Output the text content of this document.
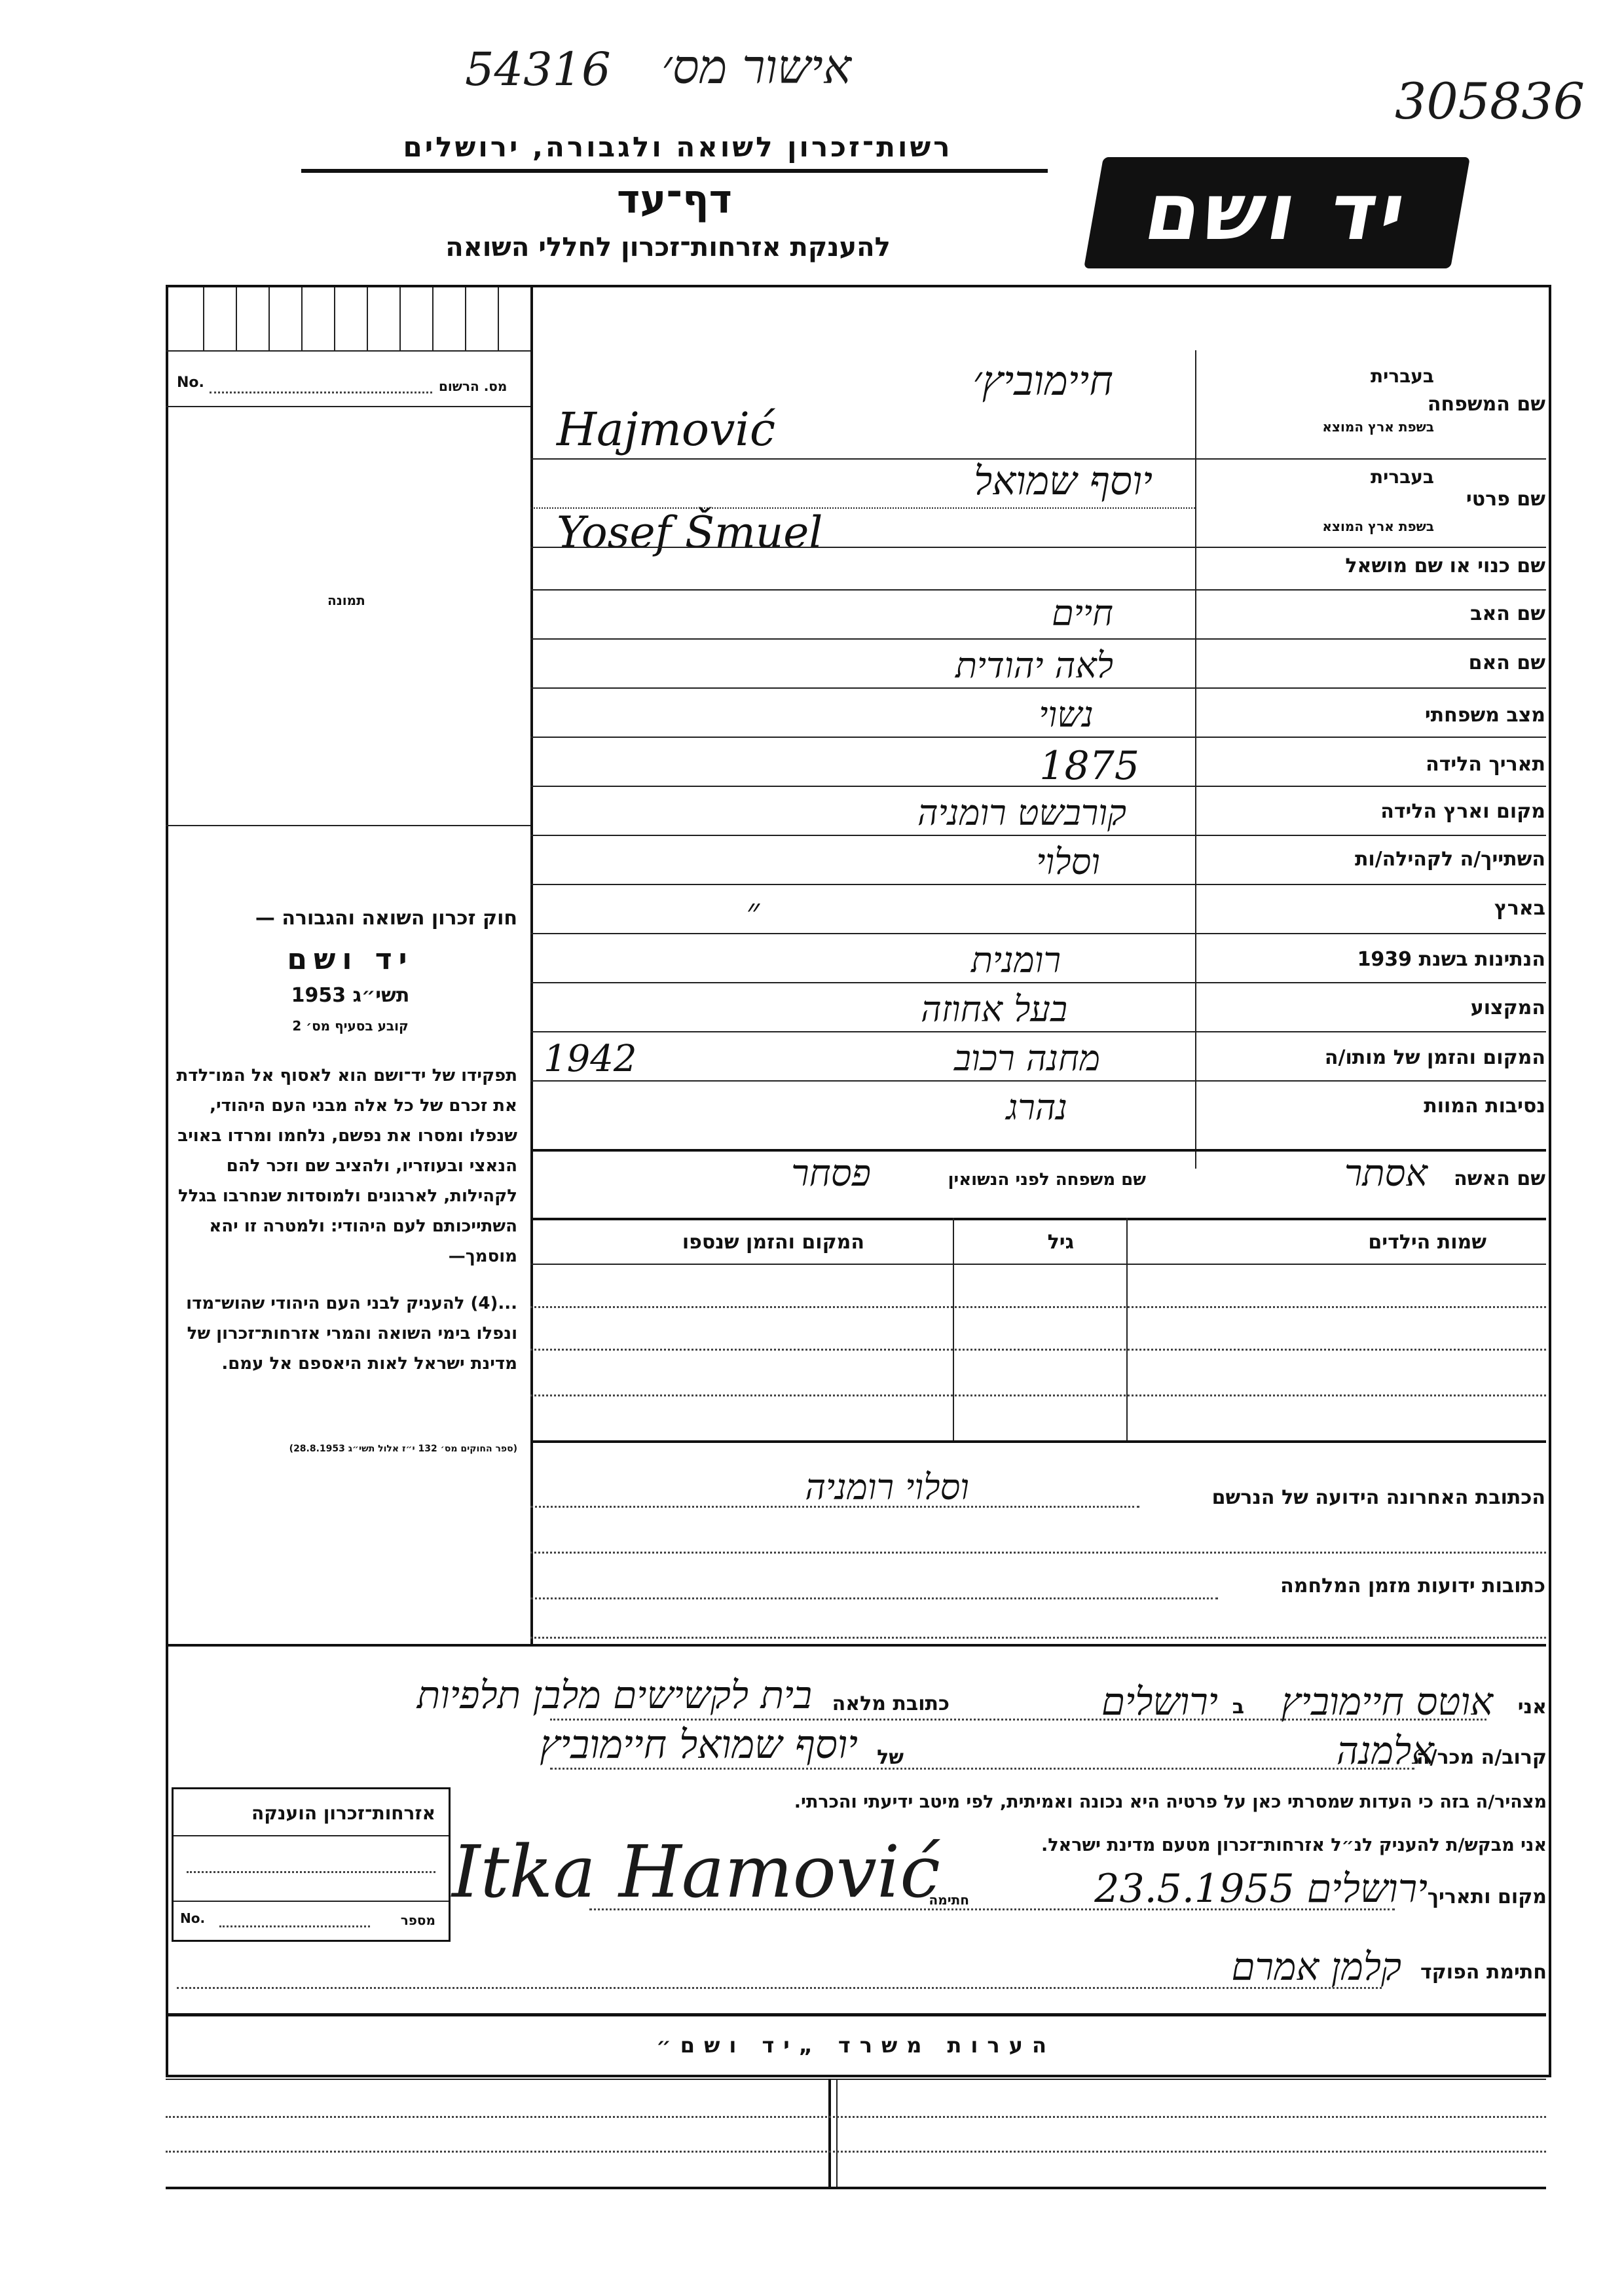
54316 אישור מס׳
305836
רשות־זכרון לשואה ולגבורה, ירושלים
דף־עד
להענקת אזרחות־זכרון לחללי השואה	יד ושם
מס. הרשום
No.
תמונה
חוק זכרון השואה והגבורה —
יד ושם
תשי״ג 1953
קובע בסעיף מס׳ 2
תפקידו של יד־ושם הוא לאסוף אל המו־לדת את זכרם של כל אלה מבני העם היהודי, שנפלו ומסרו את נפשם, נלחמו ומרדו באויב הנאצי ובעוזריו, ולהציב שם וזכר להם לקהילות, לארגונים ולמוסדות שנחרבו בגלל השתייכותם לעם היהודי: ולמטרה זו יהא מוסמך—
...(4) להעניק לבני העם היהודי שהוש־מדו ונפלו בימי השואה והמרי אזרחות־זכרון של מדינת ישראל לאות היאספם אל עמם.
(ספר החוקים מס׳ 132 י״ז אלול תשי״ג 28.8.1953)
שם המשפחה
בעברית
בשפת ארץ המוצא
חיימוביץ׳
Hajmović
שם פרטי
בעברית
בשפת ארץ המוצא
יוסף שמואל
Yosef Šmuel
שם כנוי או שם מושאל
שם האב
חיים
שם האם
לאה יהודית
מצב משפחתי
נשוי
תאריך הלידה
1875
מקום וארץ הלידה
קורבשט רומניה
השתייך/ה לקהילה/ות
וסלוי
בארץ
״
הנתינות בשנת 1939
רומנית
המקצוע
בעל אחוזה
המקום והזמן של מותו/ה
מחנה רכוב
1942
נסיבות המוות
נהרג
שם האשה
אסתר
שם משפחה לפני הנשואין
פסחר
שמות הילדים
גיל
המקום והזמן שנספו
הכתובת האחרונה הידועה של הנרשם
וסלוי רומניה
כתובות ידועות מזמן המלחמה
אני
אוטס חיימוביץ
ב
ירושלים
כתובת מלאה
בית לקשישים מלבן תלפיות
קרוב/ה מכר/ה
אלמנה
של
יוסף שמואל חיימוביץ
מצהיר/ה בזה כי העדות שמסרתי כאן על פרטיה היא נכונה ואמיתית, לפי מיטב ידיעתי והכרתי.
אני מבקש/ת להעניק לנ״ל אזרחות־זכרון מטעם מדינת ישראל.
מקום ותאריך
ירושלים 23.5.1955
חתימה
Itka Hamović
חתימת הפוקד
קלמן אמרם
אזרחות־זכרון הוענקה
No.	מספר
הערות משרד „יד ושם״
